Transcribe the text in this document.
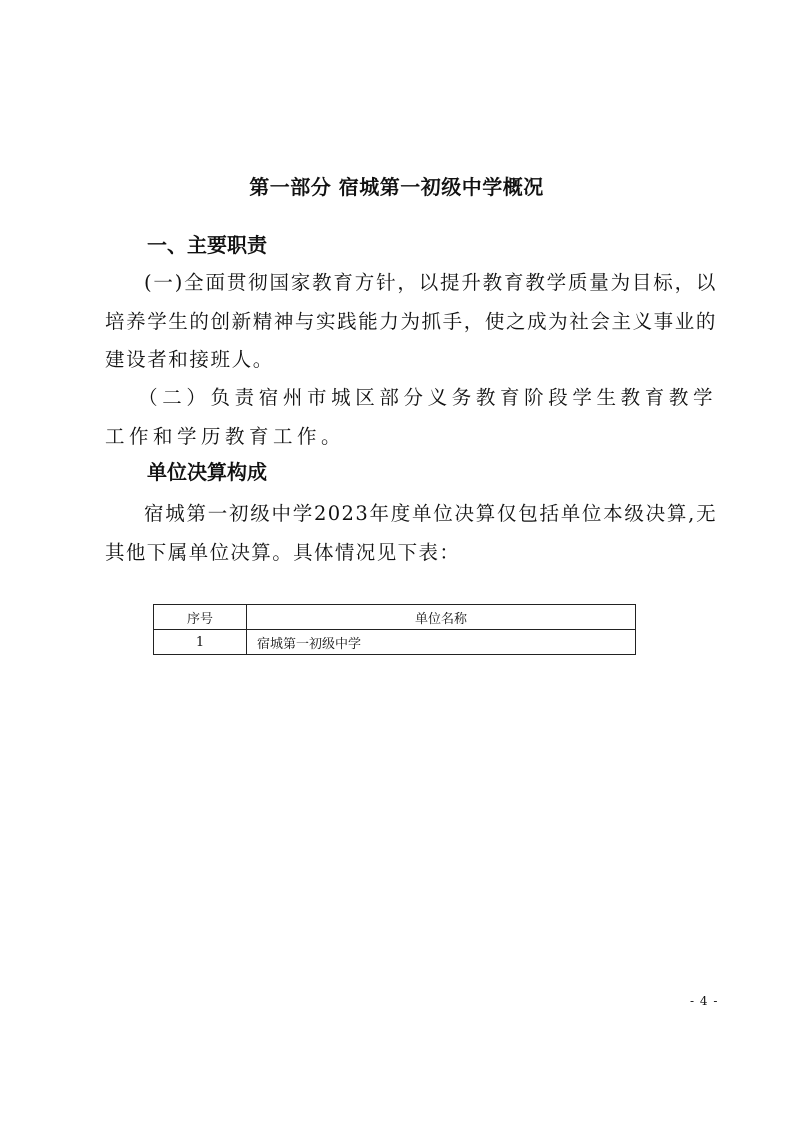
第一部分 宿城第一初级中学概况
一、主要职责

(一)全面贯彻国家教育方针，以提升教育教学质量为目标，以培养学生的创新精神与实践能力为抓手，使之成为社会主义事业的建设者和接班人。

（二）负责宿州市城区部分义务教育阶段学生教育教学工作和学历教育工作。

单位决算构成

宿城第一初级中学2023年度单位决算仅包括单位本级决算,无其他下属单位决算。具体情况见下表：

序号	单位名称
1	宿城第一初级中学
- 4 -
